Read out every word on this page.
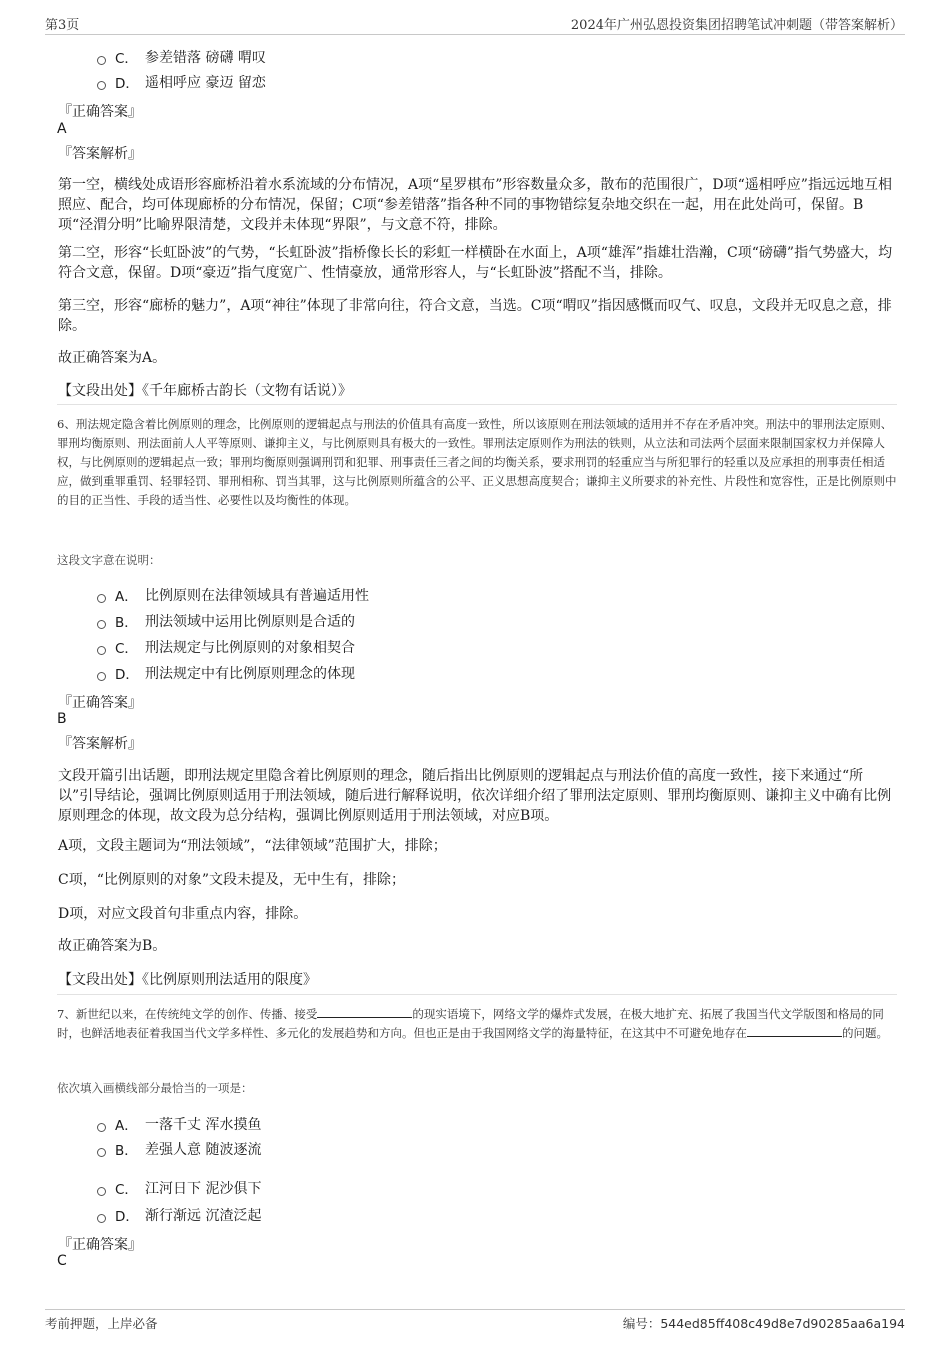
第3页	2024年广州弘恩投资集团招聘笔试冲刺题（带答案解析）
C． 参差错落 磅礴 喟叹
D． 遥相呼应 豪迈 留恋
『正确答案』
A
『答案解析』
第一空，横线处成语形容廊桥沿着水系流域的分布情况，A项“星罗棋布”形容数量众多，散布的范围很广，D项“遥相呼应”指远远地互相照应、配合，均可体现廊桥的分布情况，保留；C项“参差错落”指各种不同的事物错综复杂地交织在一起，用在此处尚可，保留。B项“泾渭分明”比喻界限清楚，文段并未体现“界限”，与文意不符，排除。
第二空，形容“长虹卧波”的气势，“长虹卧波”指桥像长长的彩虹一样横卧在水面上，A项“雄浑”指雄壮浩瀚，C项“磅礴”指气势盛大，均符合文意，保留。D项“豪迈”指气度宽广、性情豪放，通常形容人，与“长虹卧波”搭配不当，排除。
第三空，形容“廊桥的魅力”，A项“神往”体现了非常向往，符合文意，当选。C项“喟叹”指因感慨而叹气、叹息，文段并无叹息之意，排除。
故正确答案为A。
【文段出处】《千年廊桥古韵长（文物有话说）》
6、刑法规定隐含着比例原则的理念，比例原则的逻辑起点与刑法的价值具有高度一致性，所以该原则在刑法领域的适用并不存在矛盾冲突。刑法中的罪刑法定原则、罪刑均衡原则、刑法面前人人平等原则、谦抑主义，与比例原则具有极大的一致性。罪刑法定原则作为刑法的铁则，从立法和司法两个层面来限制国家权力并保障人权，与比例原则的逻辑起点一致；罪刑均衡原则强调刑罚和犯罪、刑事责任三者之间的均衡关系，要求刑罚的轻重应当与所犯罪行的轻重以及应承担的刑事责任相适应，做到重罪重罚、轻罪轻罚、罪刑相称、罚当其罪，这与比例原则所蕴含的公平、正义思想高度契合；谦抑主义所要求的补充性、片段性和宽容性，正是比例原则中的目的正当性、手段的适当性、必要性以及均衡性的体现。
这段文字意在说明：
A． 比例原则在法律领域具有普遍适用性
B． 刑法领域中运用比例原则是合适的
C． 刑法规定与比例原则的对象相契合
D． 刑法规定中有比例原则理念的体现
『正确答案』
B
『答案解析』
文段开篇引出话题，即刑法规定里隐含着比例原则的理念，随后指出比例原则的逻辑起点与刑法价值的高度一致性，接下来通过“所以”引导结论，强调比例原则适用于刑法领域，随后进行解释说明，依次详细介绍了罪刑法定原则、罪刑均衡原则、谦抑主义中确有比例原则理念的体现，故文段为总分结构，强调比例原则适用于刑法领域，对应B项。
A项，文段主题词为“刑法领域”，“法律领域”范围扩大，排除；
C项，“比例原则的对象”文段未提及，无中生有，排除；
D项，对应文段首句非重点内容，排除。
故正确答案为B。
【文段出处】《比例原则刑法适用的限度》
7、新世纪以来，在传统纯文学的创作、传播、接受	的现实语境下，网络文学的爆炸式发展，在极大地扩充、拓展了我国当代文学版图和格局的同时，也鲜活地表征着我国当代文学多样性、多元化的发展趋势和方向。但也正是由于我国网络文学的海量特征，在这其中不可避免地存在	的问题。
依次填入画横线部分最恰当的一项是：
A． 一落千丈 浑水摸鱼
B． 差强人意 随波逐流
C． 江河日下 泥沙俱下
D． 渐行渐远 沉渣泛起
『正确答案』
C
考前押题，上岸必备	编号：544ed85ff408c49d8e7d90285aa6a194
